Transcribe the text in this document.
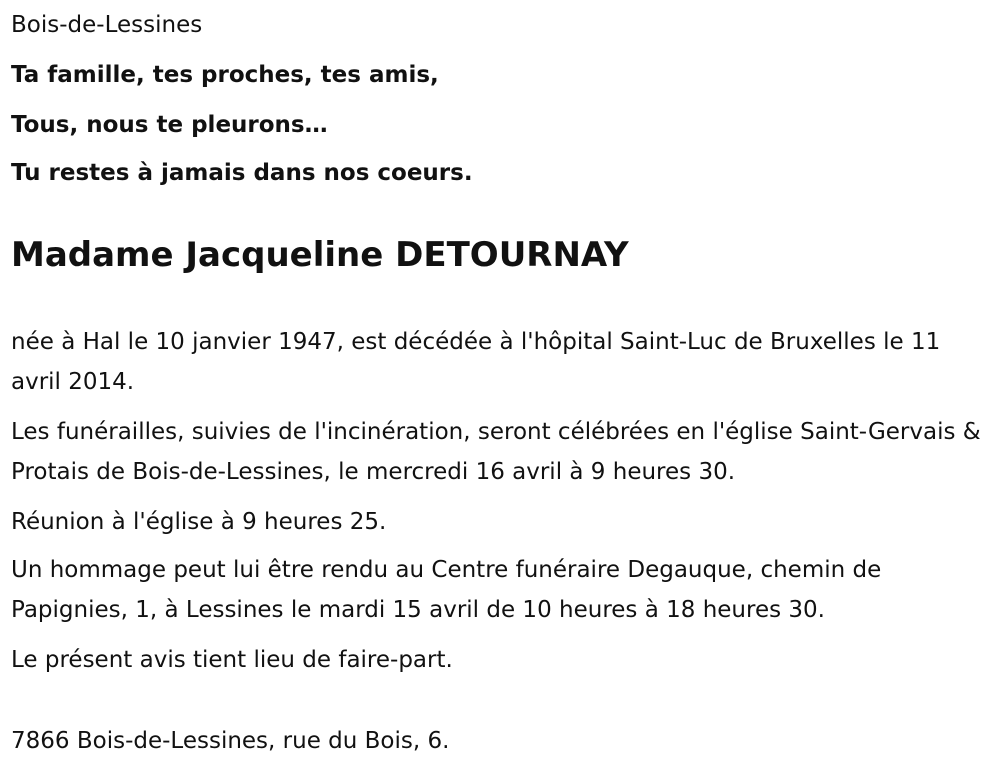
Bois-de-Lessines
Ta famille, tes proches, tes amis,
Tous, nous te pleurons…
Tu restes à jamais dans nos coeurs.
Madame Jacqueline DETOURNAY

née à Hal le 10 janvier 1947, est décédée à l'hôpital Saint-Luc de Bruxelles le 11 avril 2014.

Les funérailles, suivies de l'incinération, seront célébrées en l'église Saint-Gervais & Protais de Bois-de-Lessines, le mercredi 16 avril à 9 heures 30.

Réunion à l'église à 9 heures 25.

Un hommage peut lui être rendu au Centre funéraire Degauque, chemin de Papignies, 1, à Lessines le mardi 15 avril de 10 heures à 18 heures 30.

Le présent avis tient lieu de faire-part.

7866 Bois-de-Lessines, rue du Bois, 6.
